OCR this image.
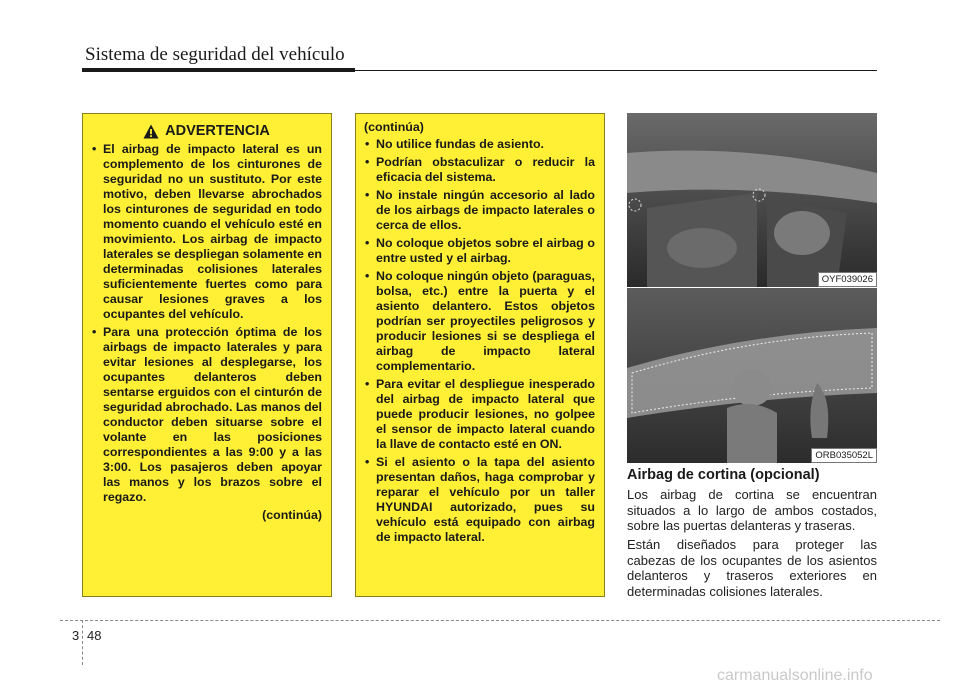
Sistema de seguridad del vehículo
ADVERTENCIA
• El airbag de impacto lateral es un complemento de los cinturones de seguridad no un sustituto. Por este motivo, deben llevarse abrochados los cinturones de seguridad en todo momento cuando el vehículo esté en movimiento. Los airbag de impacto laterales se despliegan solamente en determinadas colisiones laterales suficientemente fuertes como para causar lesiones graves a los ocupantes del vehículo.
• Para una protección óptima de los airbags de impacto laterales y para evitar lesiones al desplegarse, los ocupantes delanteros deben sentarse erguidos con el cinturón de seguridad abrochado. Las manos del conductor deben situarse sobre el volante en las posiciones correspondientes a las 9:00 y a las 3:00. Los pasajeros deben apoyar las manos y los brazos sobre el regazo.
(continúa)
(continúa)
• No utilice fundas de asiento.
• Podrían obstaculizar o reducir la eficacia del sistema.
• No instale ningún accesorio al lado de los airbags de impacto laterales o cerca de ellos.
• No coloque objetos sobre el airbag o entre usted y el airbag.
• No coloque ningún objeto (paraguas, bolsa, etc.) entre la puerta y el asiento delantero. Estos objetos podrían ser proyectiles peligrosos y producir lesiones si se despliega el airbag de impacto lateral complementario.
• Para evitar el despliegue inesperado del airbag de impacto lateral que puede producir lesiones, no golpee el sensor de impacto lateral cuando la llave de contacto esté en ON.
• Si el asiento o la tapa del asiento presentan daños, haga comprobar y reparar el vehículo por un taller HYUNDAI autorizado, pues su vehículo está equipado con airbag de impacto lateral.
OYF039026
ORB035052L
Airbag de cortina (opcional)
Los airbag de cortina se encuentran situados a lo largo de ambos costados, sobre las puertas delanteras y traseras.
Están diseñados para proteger las cabezas de los ocupantes de los asientos delanteros y traseros exteriores en determinadas colisiones laterales.
3 48
carmanualsonline.info
